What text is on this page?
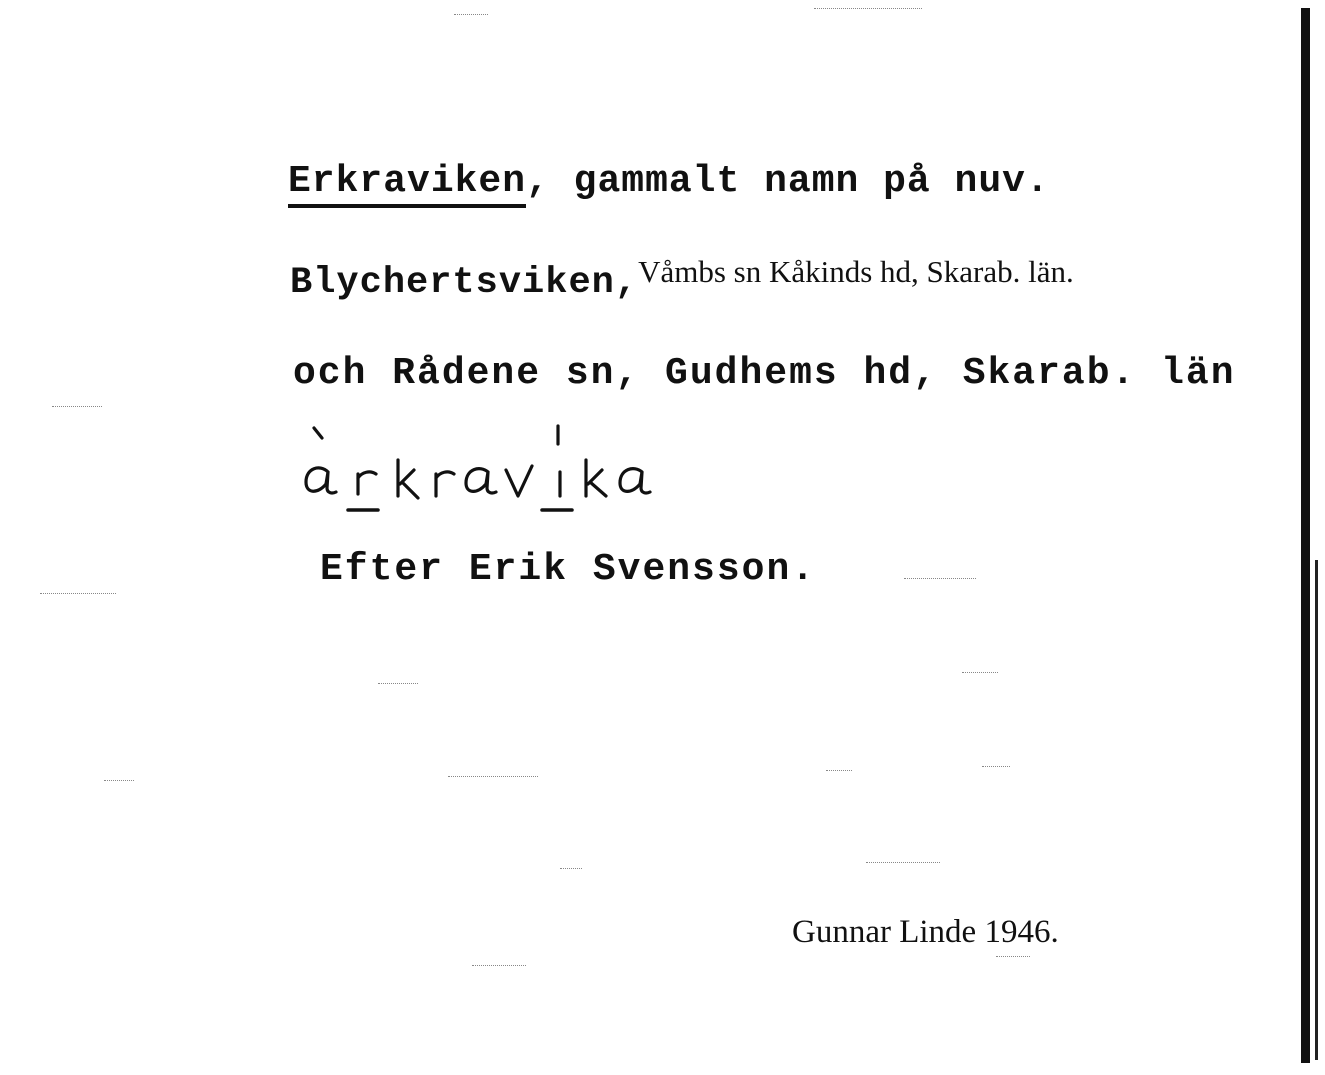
Erkraviken, gammalt namn på nuv.
Blychertsviken,$^{Våmbs sn Kåkinds hd, Skarab. län.}$
och Rådene sn, Gudhems hd, Skarab. län
ärkravika
Efter Erik Svensson.
Gunnar Linde 1946.
